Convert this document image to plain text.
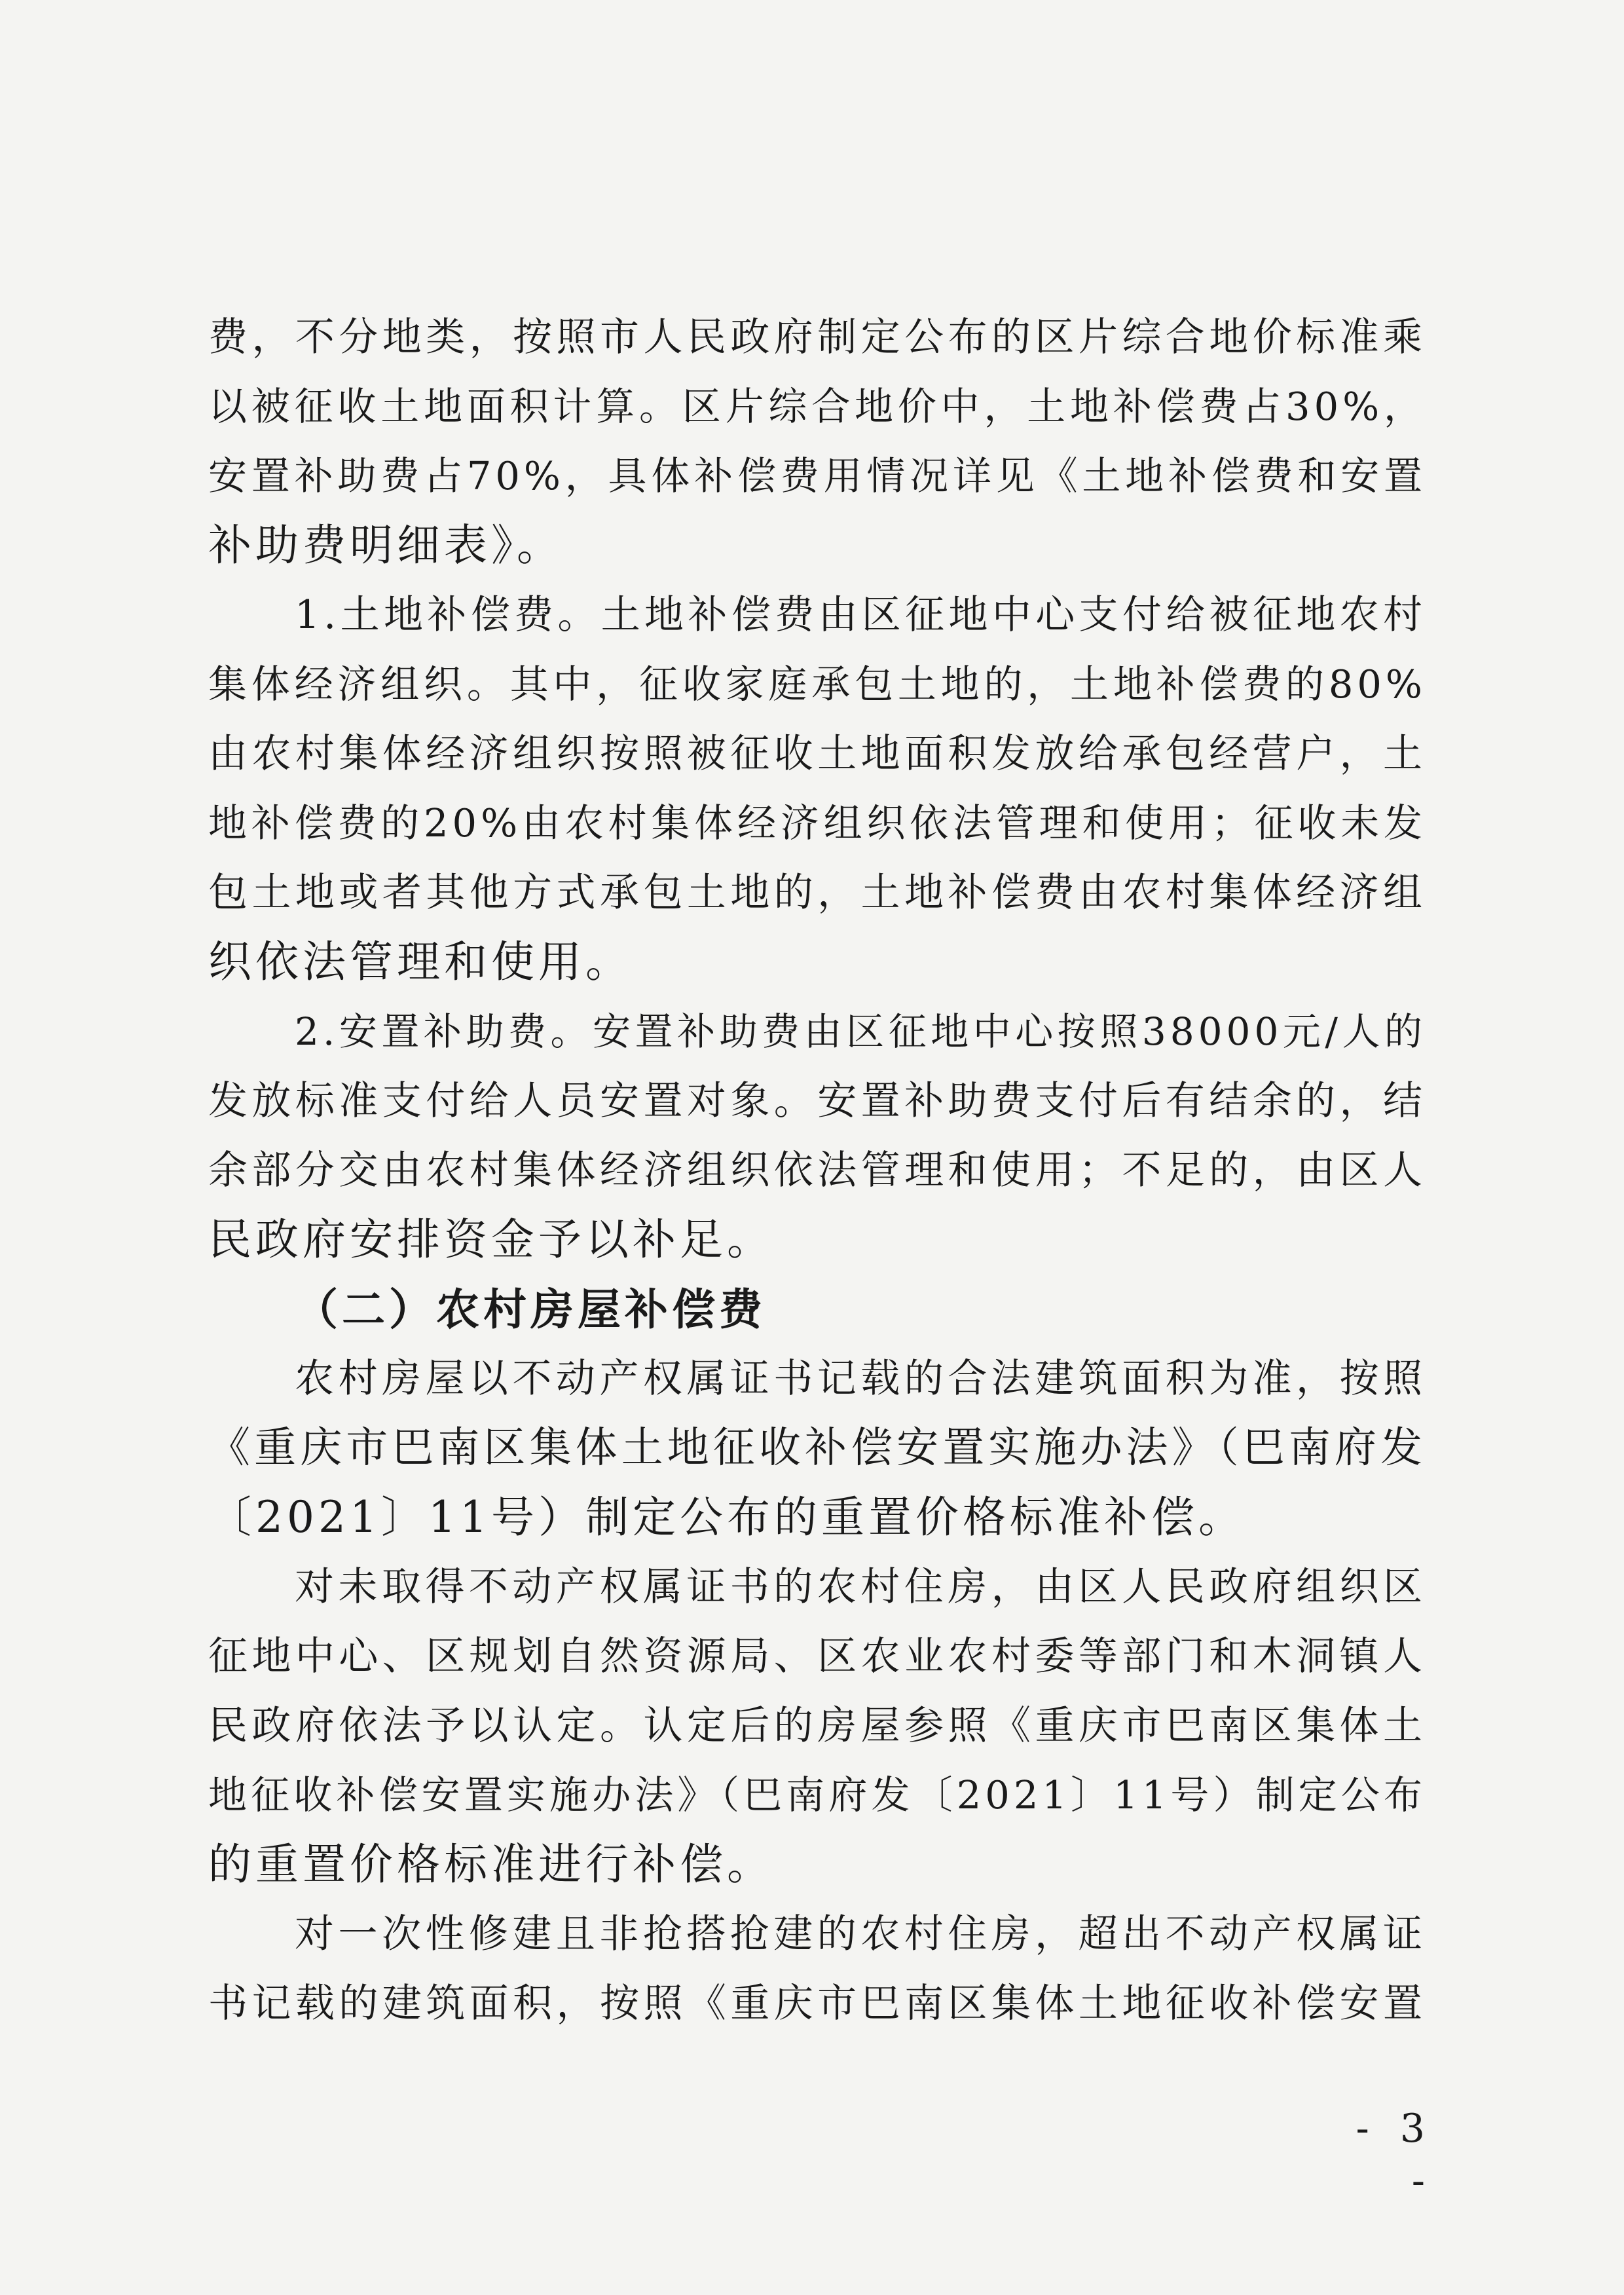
费，不分地类，按照市人民政府制定公布的区片综合地价标准乘
以被征收土地面积计算。区片综合地价中，土地补偿费占30%，
安置补助费占70%，具体补偿费用情况详见《土地补偿费和安置
补助费明细表》。
1.土地补偿费。土地补偿费由区征地中心支付给被征地农村
集体经济组织。其中，征收家庭承包土地的，土地补偿费的80%
由农村集体经济组织按照被征收土地面积发放给承包经营户，土
地补偿费的20%由农村集体经济组织依法管理和使用；征收未发
包土地或者其他方式承包土地的，土地补偿费由农村集体经济组
织依法管理和使用。
2.安置补助费。安置补助费由区征地中心按照38000元/人的
发放标准支付给人员安置对象。安置补助费支付后有结余的，结
余部分交由农村集体经济组织依法管理和使用；不足的，由区人
民政府安排资金予以补足。
（二）农村房屋补偿费
农村房屋以不动产权属证书记载的合法建筑面积为准，按照
《重庆市巴南区集体土地征收补偿安置实施办法》（巴南府发
〔2021〕11号）制定公布的重置价格标准补偿。
对未取得不动产权属证书的农村住房，由区人民政府组织区
征地中心、区规划自然资源局、区农业农村委等部门和木洞镇人
民政府依法予以认定。认定后的房屋参照《重庆市巴南区集体土
地征收补偿安置实施办法》（巴南府发〔2021〕11号）制定公布
的重置价格标准进行补偿。
对一次性修建且非抢搭抢建的农村住房，超出不动产权属证
书记载的建筑面积，按照《重庆市巴南区集体土地征收补偿安置
- 3 -
